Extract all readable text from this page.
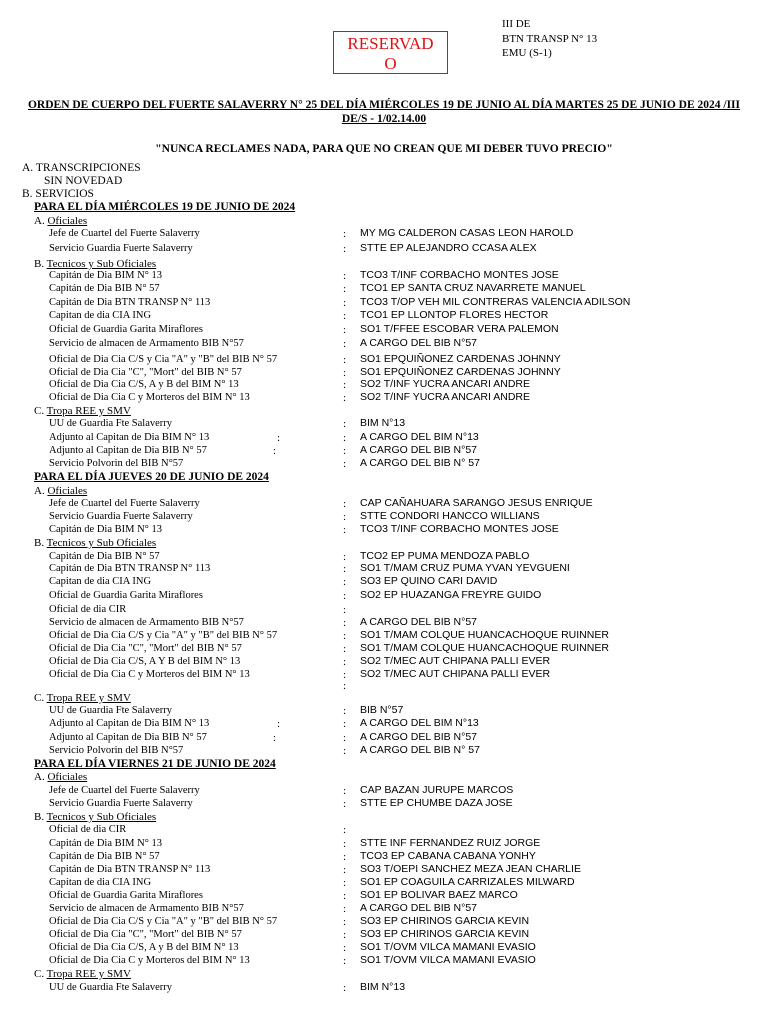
RESERVAD
O
III DE
BTN TRANSP N° 13
EMU (S-1)
ORDEN DE CUERPO DEL FUERTE SALAVERRY N° 25 DEL DÍA MIÉRCOLES 19 DE JUNIO AL DÍA MARTES 25 DE JUNIO DE 2024 /III DE/S - 1/02.14.00
"NUNCA RECLAMES NADA, PARA QUE NO CREAN QUE MI DEBER TUVO PRECIO"
A. TRANSCRIPCIONES
SIN NOVEDAD
B. SERVICIOS
PARA EL DÍA MIÉRCOLES 19 DE JUNIO DE 2024
A. Oficiales
Jefe de Cuartel del Fuerte Salaverry	: MY MG CALDERON CASAS LEON HAROLD
Servicio Guardia Fuerte Salaverry	: STTE EP ALEJANDRO CCASA ALEX
B. Tecnicos y Sub Oficiales
Capitán de Dia BIM N° 13	: TCO3 T/INF CORBACHO MONTES JOSE
Capitán de Dia BIB N° 57	: TCO1 EP SANTA CRUZ NAVARRETE MANUEL
Capitán de Dia BTN TRANSP N° 113	: TCO3 T/OP VEH MIL CONTRERAS VALENCIA ADILSON
Capitan de dia CIA ING	: TCO1 EP LLONTOP FLORES HECTOR
Oficial de Guardia Garita Miraflores	: SO1 T/FFEE ESCOBAR VERA PALEMON
Servicio de almacen de Armamento BIB N°57	: A CARGO DEL BIB N°57
Oficial de Dia Cia C/S y Cia "A" y "B" del BIB N° 57	: SO1 EPQUIÑONEZ CARDENAS JOHNNY
Oficial de Dia Cia "C", "Mort" del BIB N° 57	: SO1 EPQUIÑONEZ CARDENAS JOHNNY
Oficial de Dia Cia C/S, A y B del BIM N° 13	: SO2 T/INF YUCRA ANCARI ANDRE
Oficial de Dia Cia C y Morteros del BIM N° 13	: SO2 T/INF YUCRA ANCARI ANDRE
C. Tropa REE y SMV
UU de Guardia Fte Salaverry	: BIM N°13
Adjunto al Capitan de Dia BIM N° 13	:	: A CARGO DEL BIM N°13
Adjunto al Capitan de Dia BIB N° 57	:	: A CARGO DEL BIB N°57
Servicio Polvorin del BIB N°57	: A CARGO DEL BIB N° 57
PARA EL DÍA JUEVES 20 DE JUNIO DE 2024
A. Oficiales
Jefe de Cuartel del Fuerte Salaverry	: CAP CAÑAHUARA SARANGO JESUS ENRIQUE
Servicio Guardia Fuerte Salaverry	: STTE CONDORI HANCCO WILLIANS
Capitán de Dia BIM N° 13	: TCO3 T/INF CORBACHO MONTES JOSE
B. Tecnicos y Sub Oficiales
Capitán de Dia BIB N° 57	: TCO2 EP PUMA MENDOZA PABLO
Capitán de Dia BTN TRANSP N° 113	: SO1 T/MAM CRUZ PUMA YVAN YEVGUENI
Capitan de dia CIA ING	: SO3 EP QUINO CARI DAVID
Oficial de Guardia Garita Miraflores	: SO2 EP HUAZANGA FREYRE GUIDO
Oficial de dia CIR	:
Servicio de almacen de Armamento BIB N°57	: A CARGO DEL BIB N°57
Oficial de Dia Cia C/S y Cia "A" y "B" del BIB N° 57	: SO1 T/MAM COLQUE HUANCACHOQUE RUINNER
Oficial de Dia Cia "C", "Mort" del BIB N° 57	: SO1 T/MAM COLQUE HUANCACHOQUE RUINNER
Oficial de Dia Cia C/S, A Y B del BIM N° 13	: SO2 T/MEC AUT CHIPANA PALLI EVER
Oficial de Dia Cia C y Morteros del BIM N° 13	: SO2 T/MEC AUT CHIPANA PALLI EVER
:
C. Tropa REE y SMV
UU de Guardia Fte Salaverry	: BIB N°57
Adjunto al Capitan de Dia BIM N° 13	:	: A CARGO DEL BIM N°13
Adjunto al Capitan de Dia BIB N° 57	:	: A CARGO DEL BIB N°57
Servicio Polvorin del BIB N°57	: A CARGO DEL BIB N° 57
PARA EL DÍA VIERNES 21 DE JUNIO DE 2024
A. Oficiales
Jefe de Cuartel del Fuerte Salaverry	: CAP BAZAN JURUPE MARCOS
Servicio Guardia Fuerte Salaverry	: STTE EP CHUMBE DAZA JOSE
B. Tecnicos y Sub Oficiales
Oficial de dia CIR	:
Capitán de Dia BIM N° 13	: STTE INF FERNANDEZ RUIZ JORGE
Capitán de Dia BIB N° 57	: TCO3 EP CABANA CABANA YONHY
Capitán de Dia BTN TRANSP N° 113	: SO3 T/OEPI SANCHEZ MEZA JEAN CHARLIE
Capitan de dia CIA ING	: SO1 EP COAGUILA CARRIZALES MILWARD
Oficial de Guardia Garita Miraflores	: SO1 EP BOLIVAR BAEZ MARCO
Servicio de almacen de Armamento BIB N°57	: A CARGO DEL BIB N°57
Oficial de Dia Cia C/S y Cia "A" y "B" del BIB N° 57	: SO3 EP CHIRINOS GARCIA KEVIN
Oficial de Dia Cia "C", "Mort" del BIB N° 57	: SO3 EP CHIRINOS GARCIA KEVIN
Oficial de Dia Cia C/S, A y B del BIM N° 13	: SO1 T/OVM VILCA MAMANI EVASIO
Oficial de Dia Cia C y Morteros del BIM N° 13	: SO1 T/OVM VILCA MAMANI EVASIO
C. Tropa REE y SMV
UU de Guardia Fte Salaverry	: BIM N°13
